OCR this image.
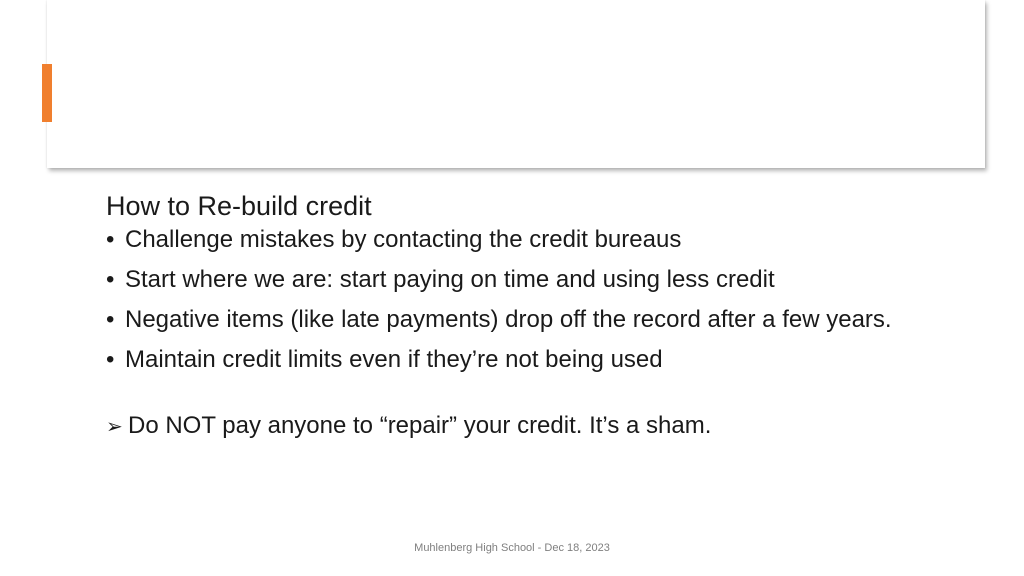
How to Re-build credit
• Challenge mistakes by contacting the credit bureaus
• Start where we are: start paying on time and using less credit
• Negative items (like late payments) drop off the record after a few years.
• Maintain credit limits even if they’re not being used
➢ Do NOT pay anyone to “repair” your credit. It’s a sham.
Muhlenberg High School - Dec 18, 2023
